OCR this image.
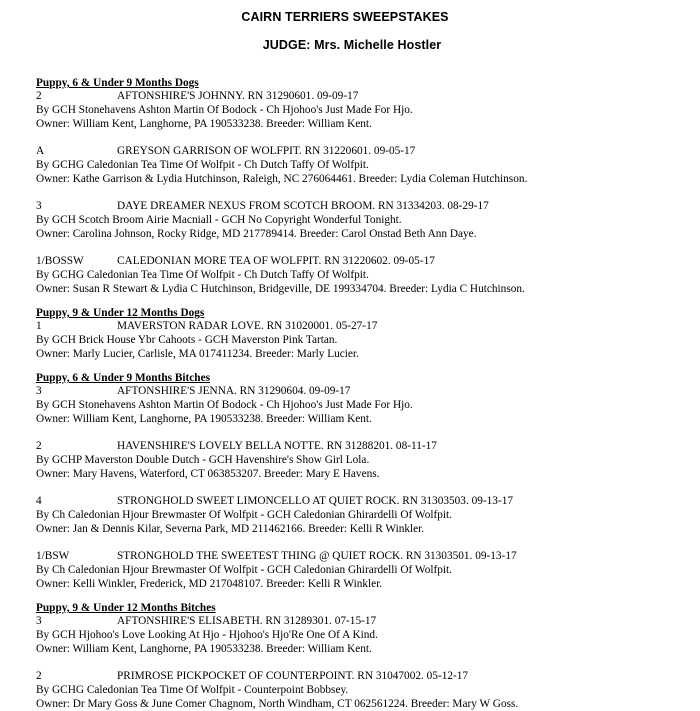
CAIRN TERRIERS SWEEPSTAKES
JUDGE: Mrs. Michelle Hostler
Puppy, 6 & Under 9 Months Dogs
2	AFTONSHIRE'S JOHNNY. RN 31290601. 09-09-17
By GCH Stonehavens Ashton Martin Of Bodock - Ch Hjohoo's Just Made For Hjo.
Owner: William Kent, Langhorne, PA 190533238. Breeder: William Kent.
A	GREYSON GARRISON OF WOLFPIT. RN 31220601. 09-05-17
By GCHG Caledonian Tea Time Of Wolfpit - Ch Dutch Taffy Of Wolfpit.
Owner: Kathe Garrison & Lydia Hutchinson, Raleigh, NC 276064461. Breeder: Lydia Coleman Hutchinson.
3	DAYE DREAMER NEXUS FROM SCOTCH BROOM. RN 31334203. 08-29-17
By GCH Scotch Broom Airie Macniall - GCH No Copyright Wonderful Tonight.
Owner: Carolina Johnson, Rocky Ridge, MD 217789414. Breeder: Carol Onstad Beth Ann Daye.
1/BOSSW	CALEDONIAN MORE TEA OF WOLFPIT. RN 31220602. 09-05-17
By GCHG Caledonian Tea Time Of Wolfpit - Ch Dutch Taffy Of Wolfpit.
Owner: Susan R Stewart & Lydia C Hutchinson, Bridgeville, DE 199334704. Breeder: Lydia C Hutchinson.
Puppy, 9 & Under 12 Months Dogs
1	MAVERSTON RADAR LOVE. RN 31020001. 05-27-17
By GCH Brick House Ybr Cahoots - GCH Maverston Pink Tartan.
Owner: Marly Lucier, Carlisle, MA 017411234. Breeder: Marly Lucier.
Puppy, 6 & Under 9 Months Bitches
3	AFTONSHIRE'S JENNA. RN 31290604. 09-09-17
By GCH Stonehavens Ashton Martin Of Bodock - Ch Hjohoo's Just Made For Hjo.
Owner: William Kent, Langhorne, PA 190533238. Breeder: William Kent.
2	HAVENSHIRE'S LOVELY BELLA NOTTE. RN 31288201. 08-11-17
By GCHP Maverston Double Dutch - GCH Havenshire's Show Girl Lola.
Owner: Mary Havens, Waterford, CT 063853207. Breeder: Mary E Havens.
4	STRONGHOLD SWEET LIMONCELLO AT QUIET ROCK. RN 31303503. 09-13-17
By Ch Caledonian Hjour Brewmaster Of Wolfpit - GCH Caledonian Ghirardelli Of Wolfpit.
Owner: Jan & Dennis Kilar, Severna Park, MD 211462166. Breeder: Kelli R Winkler.
1/BSW	STRONGHOLD THE SWEETEST THING @ QUIET ROCK. RN 31303501. 09-13-17
By Ch Caledonian Hjour Brewmaster Of Wolfpit - GCH Caledonian Ghirardelli Of Wolfpit.
Owner: Kelli Winkler, Frederick, MD 217048107. Breeder: Kelli R Winkler.
Puppy, 9 & Under 12 Months Bitches
3	AFTONSHIRE'S ELISABETH. RN 31289301. 07-15-17
By GCH Hjohoo's Love Looking At Hjo - Hjohoo's Hjo'Re One Of A Kind.
Owner: William Kent, Langhorne, PA 190533238. Breeder: William Kent.
2	PRIMROSE PICKPOCKET OF COUNTERPOINT. RN 31047002. 05-12-17
By GCHG Caledonian Tea Time Of Wolfpit - Counterpoint Bobbsey.
Owner: Dr Mary Goss & June Comer Chagnom, North Windham, CT 062561224. Breeder: Mary W Goss.
